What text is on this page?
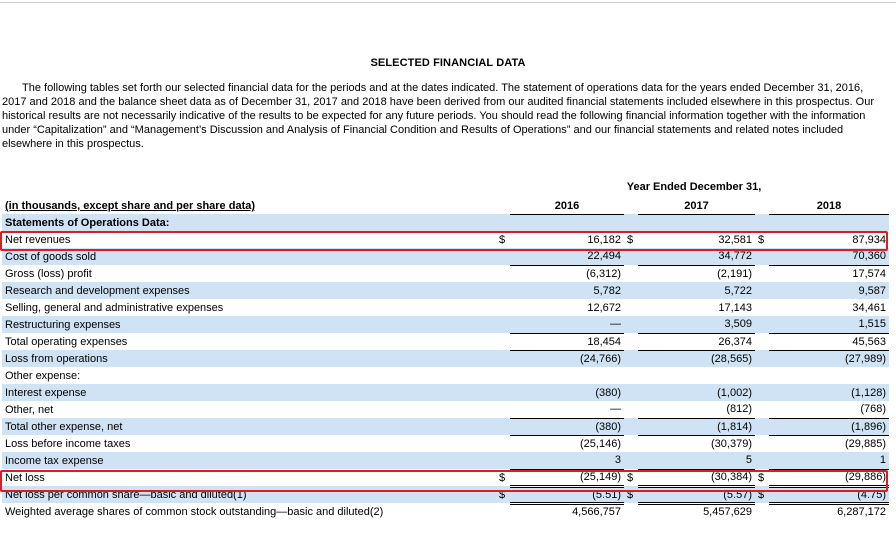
SELECTED FINANCIAL DATA

The following tables set forth our selected financial data for the periods and at the dates indicated. The statement of operations data for the years ended December 31, 2016, 2017 and 2018 and the balance sheet data as of December 31, 2017 and 2018 have been derived from our audited financial statements included elsewhere in this prospectus. Our historical results are not necessarily indicative of the results to be expected for any future periods. You should read the following financial information together with the information under “Capitalization” and “Management’s Discussion and Analysis of Financial Condition and Results of Operations” and our financial statements and related notes included elsewhere in this prospectus.

Year Ended December 31,
(in thousands, except share and per share data)		2016		2017		2018
Statements of Operations Data:						
Net revenues	$	16,182	$	32,581	$	87,934
Cost of goods sold		22,494		34,772		70,360
Gross (loss) profit		(6,312)		(2,191)		17,574
Research and development expenses		5,782		5,722		9,587
Selling, general and administrative expenses		12,672		17,143		34,461
Restructuring expenses		—		3,509		1,515
Total operating expenses		18,454		26,374		45,563
Loss from operations		(24,766)		(28,565)		(27,989)
Other expense:						
Interest expense		(380)		(1,002)		(1,128)
Other, net		—		(812)		(768)
Total other expense, net		(380)		(1,814)		(1,896)
Loss before income taxes		(25,146)		(30,379)		(29,885)
Income tax expense		3		5		1
Net loss	$	(25,149)	$	(30,384)	$	(29,886)
Net loss per common share—basic and diluted(1)	$	(5.51)	$	(5.57)	$	(4.75)
Weighted average shares of common stock outstanding—basic and diluted(2)		4,566,757		5,457,629		6,287,172
